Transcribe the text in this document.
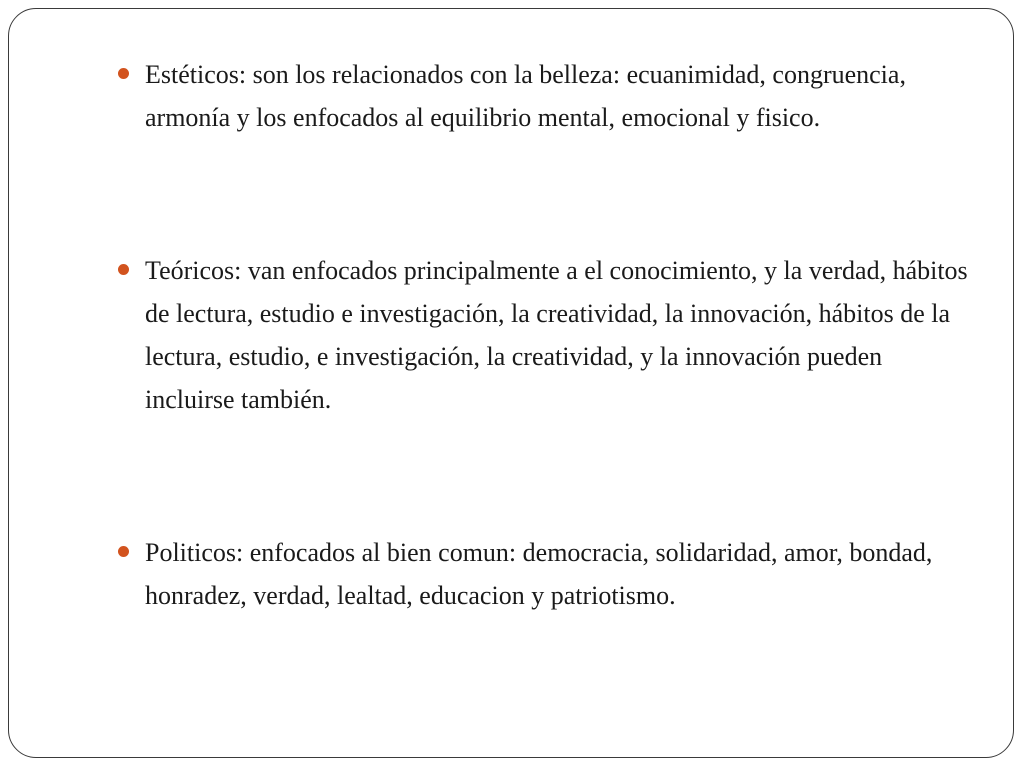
Estéticos: son los relacionados con la belleza: ecuanimidad, congruencia, armonía y los enfocados al equilibrio mental, emocional y fisico.

Teóricos: van enfocados principalmente a el conocimiento, y la verdad, hábitos de lectura, estudio e investigación, la creatividad, la innovación, hábitos de la lectura, estudio, e investigación, la creatividad, y la innovación pueden incluirse también.

Politicos: enfocados al bien comun: democracia, solidaridad, amor, bondad, honradez, verdad, lealtad, educacion y patriotismo.
